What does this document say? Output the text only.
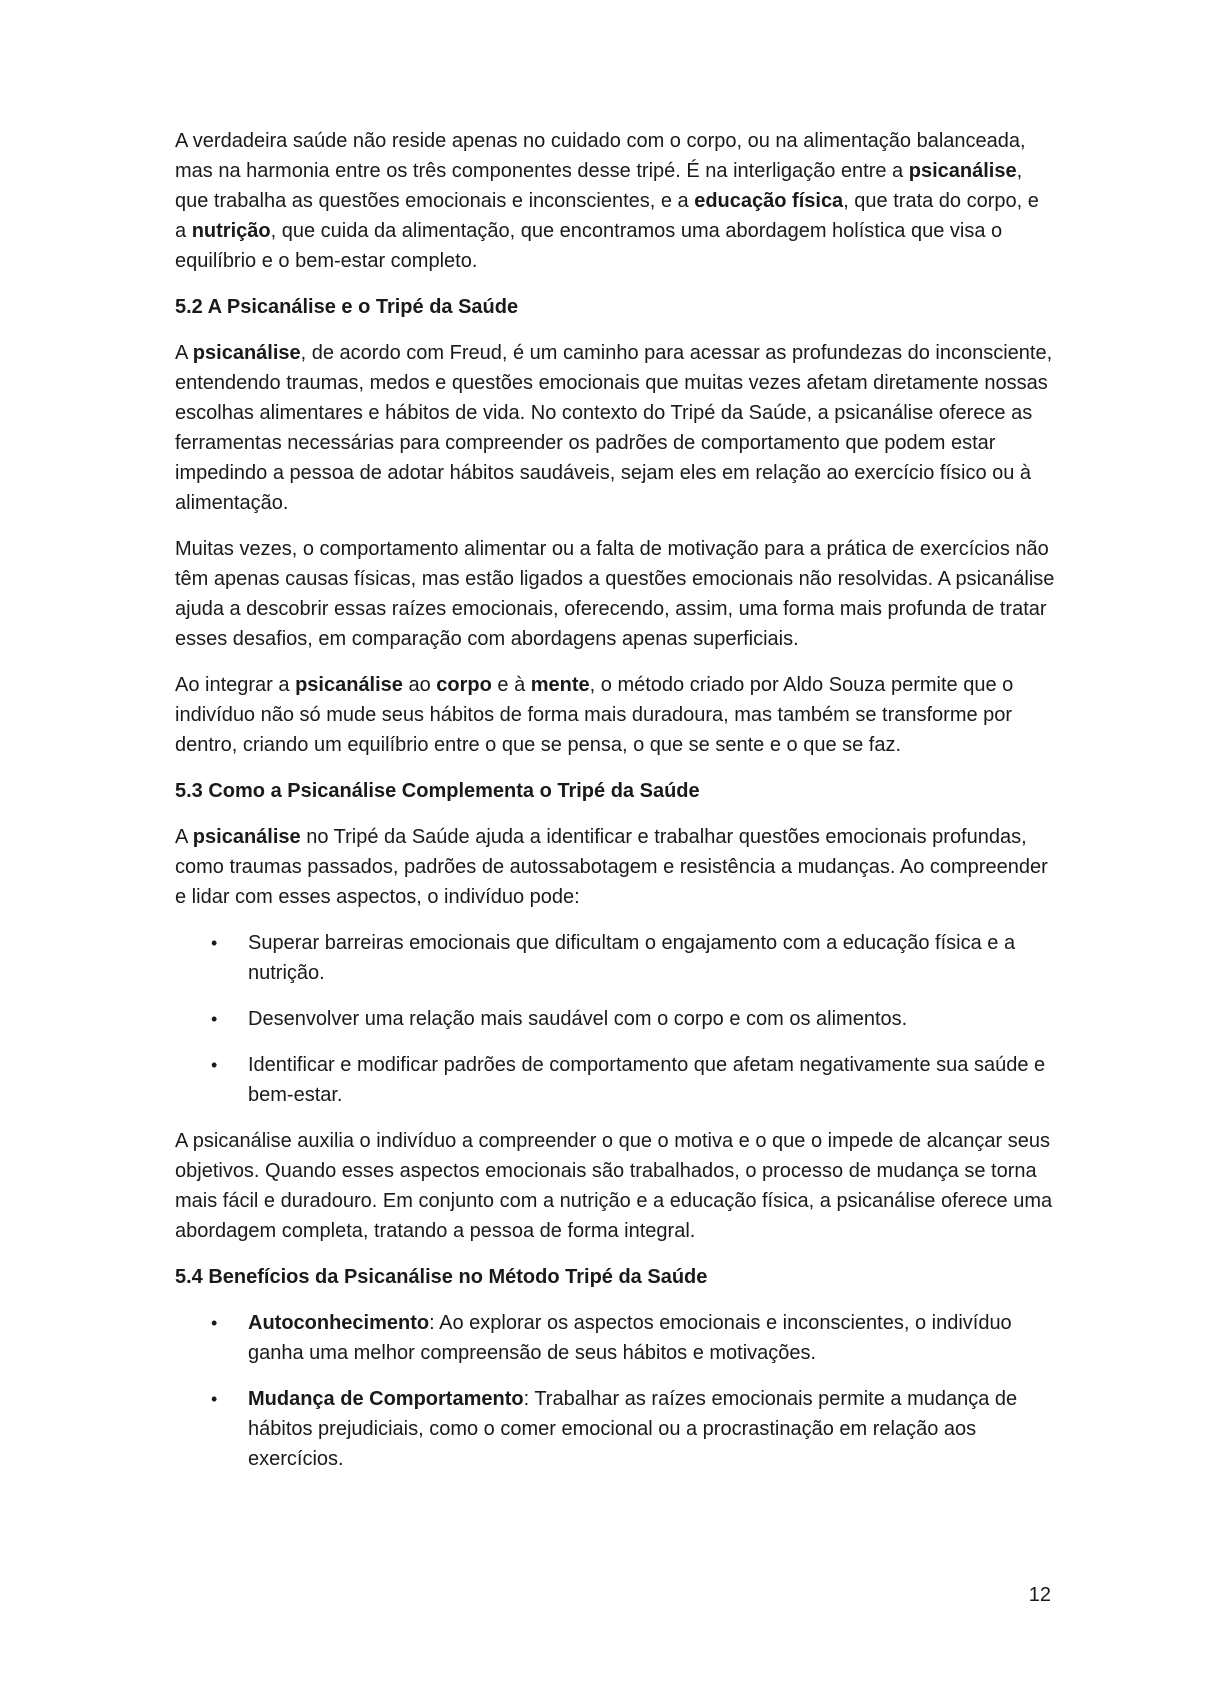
A verdadeira saúde não reside apenas no cuidado com o corpo, ou na alimentação balanceada, mas na harmonia entre os três componentes desse tripé. É na interligação entre a psicanálise, que trabalha as questões emocionais e inconscientes, e a educação física, que trata do corpo, e a nutrição, que cuida da alimentação, que encontramos uma abordagem holística que visa o equilíbrio e o bem-estar completo.

5.2 A Psicanálise e o Tripé da Saúde

A psicanálise, de acordo com Freud, é um caminho para acessar as profundezas do inconsciente, entendendo traumas, medos e questões emocionais que muitas vezes afetam diretamente nossas escolhas alimentares e hábitos de vida. No contexto do Tripé da Saúde, a psicanálise oferece as ferramentas necessárias para compreender os padrões de comportamento que podem estar impedindo a pessoa de adotar hábitos saudáveis, sejam eles em relação ao exercício físico ou à alimentação.

Muitas vezes, o comportamento alimentar ou a falta de motivação para a prática de exercícios não têm apenas causas físicas, mas estão ligados a questões emocionais não resolvidas. A psicanálise ajuda a descobrir essas raízes emocionais, oferecendo, assim, uma forma mais profunda de tratar esses desafios, em comparação com abordagens apenas superficiais.

Ao integrar a psicanálise ao corpo e à mente, o método criado por Aldo Souza permite que o indivíduo não só mude seus hábitos de forma mais duradoura, mas também se transforme por dentro, criando um equilíbrio entre o que se pensa, o que se sente e o que se faz.

5.3 Como a Psicanálise Complementa o Tripé da Saúde

A psicanálise no Tripé da Saúde ajuda a identificar e trabalhar questões emocionais profundas, como traumas passados, padrões de autossabotagem e resistência a mudanças. Ao compreender e lidar com esses aspectos, o indivíduo pode:

• Superar barreiras emocionais que dificultam o engajamento com a educação física e a nutrição.
• Desenvolver uma relação mais saudável com o corpo e com os alimentos.
• Identificar e modificar padrões de comportamento que afetam negativamente sua saúde e bem-estar.

A psicanálise auxilia o indivíduo a compreender o que o motiva e o que o impede de alcançar seus objetivos. Quando esses aspectos emocionais são trabalhados, o processo de mudança se torna mais fácil e duradouro. Em conjunto com a nutrição e a educação física, a psicanálise oferece uma abordagem completa, tratando a pessoa de forma integral.

5.4 Benefícios da Psicanálise no Método Tripé da Saúde
• Autoconhecimento: Ao explorar os aspectos emocionais e inconscientes, o indivíduo ganha uma melhor compreensão de seus hábitos e motivações.
• Mudança de Comportamento: Trabalhar as raízes emocionais permite a mudança de hábitos prejudiciais, como o comer emocional ou a procrastinação em relação aos exercícios.
12
